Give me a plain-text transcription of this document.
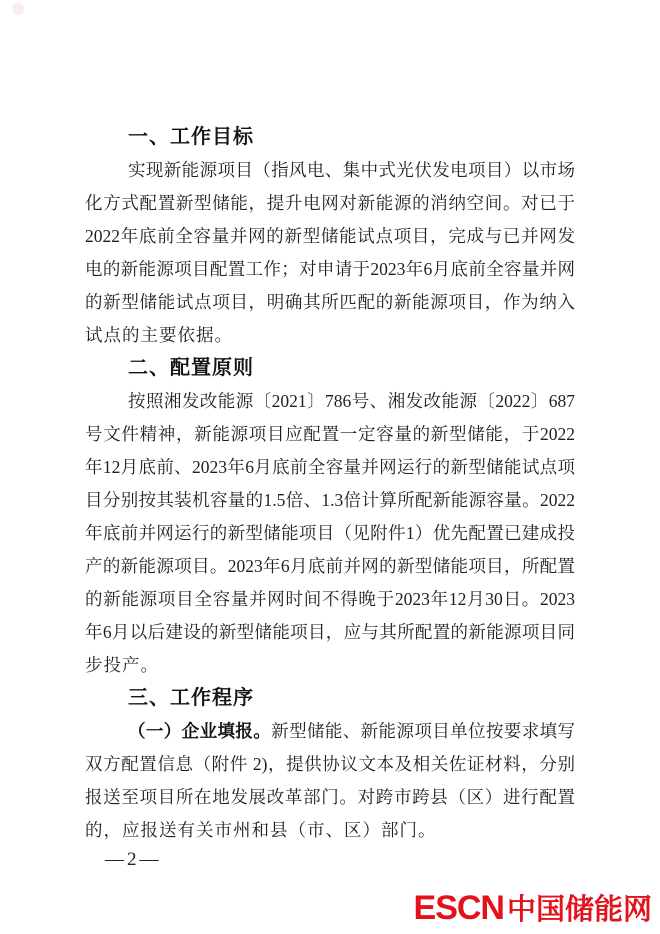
一、工作目标
实现新能源项目（指风电、集中式光伏发电项目）以市场
化方式配置新型储能，提升电网对新能源的消纳空间。对已于
2022年底前全容量并网的新型储能试点项目，完成与已并网发
电的新能源项目配置工作；对申请于2023年6月底前全容量并网
的新型储能试点项目，明确其所匹配的新能源项目，作为纳入
试点的主要依据。
二、配置原则
按照湘发改能源〔2021〕786号、湘发改能源〔2022〕687
号文件精神，新能源项目应配置一定容量的新型储能，于2022
年12月底前、2023年6月底前全容量并网运行的新型储能试点项
目分别按其装机容量的1.5倍、1.3倍计算所配新能源容量。2022
年底前并网运行的新型储能项目（见附件1）优先配置已建成投
产的新能源项目。2023年6月底前并网的新型储能项目，所配置
的新能源项目全容量并网时间不得晚于2023年12月30日。2023
年6月以后建设的新型储能项目，应与其所配置的新能源项目同
步投产。
三、工作程序
（一）企业填报。新型储能、新能源项目单位按要求填写
双方配置信息（附件 2)，提供协议文本及相关佐证材料，分别
报送至项目所在地发展改革部门。对跨市跨县（区）进行配置
的，应报送有关市州和县（市、区）部门。
—2—
ESCN 中国储能网
